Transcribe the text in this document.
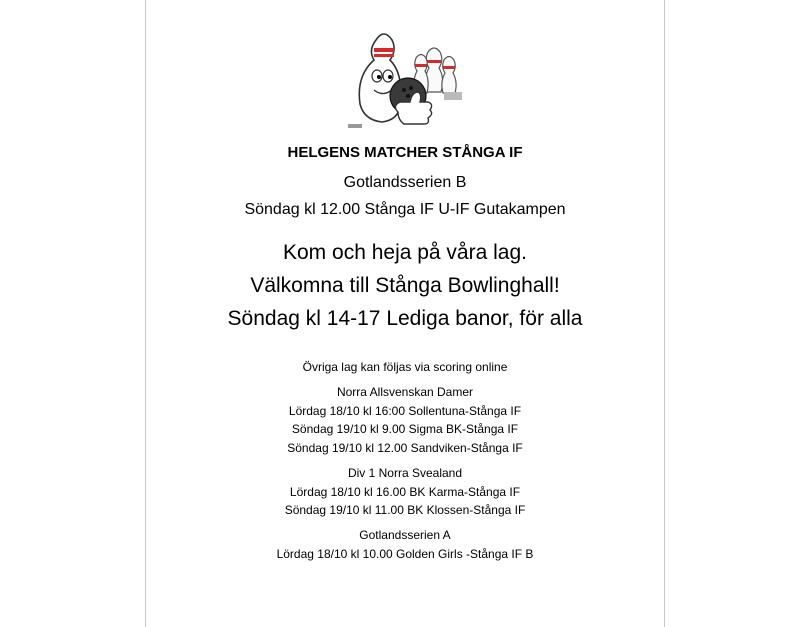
HELGENS MATCHER STÅNGA IF
Gotlandsserien B
Söndag kl 12.00 Stånga IF U-IF Gutakampen
Kom och heja på våra lag.
Välkomna till Stånga Bowlinghall!
Söndag kl 14-17 Lediga banor, för alla
Övriga lag kan följas via scoring online
Norra Allsvenskan Damer
Lördag 18/10 kl 16:00 Sollentuna-Stånga IF
Söndag 19/10 kl 9.00 Sigma BK-Stånga IF
Söndag 19/10 kl 12.00 Sandviken-Stånga IF
Div 1 Norra Svealand
Lördag 18/10 kl 16.00 BK Karma-Stånga IF
Söndag 19/10 kl 11.00 BK Klossen-Stånga IF
Gotlandsserien A
Lördag 18/10 kl 10.00 Golden Girls -Stånga IF B
